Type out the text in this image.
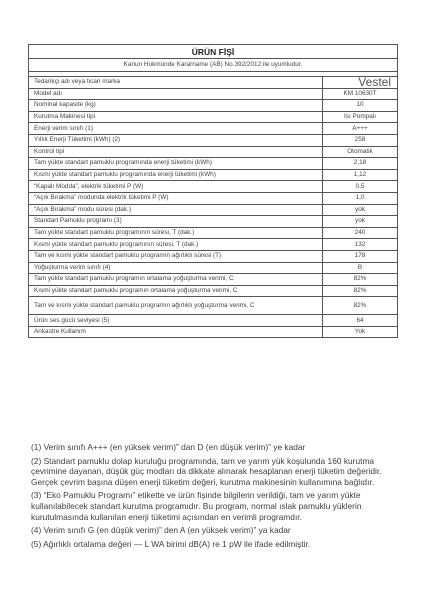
ÜRÜN FİŞİ	
Kanun Hükmünde Kararname (AB) No.392/2012 ile uyumludur.	

Tedarikçi adı veya ticari marka	Vestel
Model adı	KM 10630T
Nominal kapasite (kg)	10
Kurutma Makinesi tipi	Isı Pompalı
Enerji verim sınıfı (1)	A+++
Yıllık Enerji Tüketimi (kWh) (2)	258
Kontrol tipi	Otomatik
Tam yükte standart pamuklu programında enerji tüketimi (kWh)	2,18
Kısmi yükte standart pamuklu programında enerji tüketimi (kWh)	1,12
“Kapalı Modda”, elektrik tüketimi P (W)	0,5
“Açık Bırakma” modunda elektrik tüketimi P (W)	1,0
“Açık Bırakma” modu süresi (dak.)	yok
Standart Pamuklu programı (3)	yok
Tam yükte standart pamuklu programının süresi, T (dak.)	240
Kısmi yükte standart pamuklu programının süresi, T (dak.)	132
Tam ve kısmi yükte standart pamuklu programın ağırlıklı süresi (T)	178
Yoğuşturma verim sınıfı (4)	B
Tam yükte standart pamuklu programın ortalama yoğuşturma verimi, C	82%
Kısmi yükte standart pamuklu programın ortalama yoğuşturma verimi, C	82%
Tam ve kısmi yükte standart pamuklu programın ağırlıklı yoğuşturma verimi, C	82%
Ürün ses gücü seviyesi (5)	64
Ankastre Kullanım	Yok

(1) Verim sınıfı A+++ (en yüksek verim)” dan D (en düşük verim)” ye kadar

(2) Standart pamuklu dolap kuruluğu programında, tam ve yarım yük koşulunda 160 kurutma çevrimine dayanan, düşük güç modları da dikkate alınarak hesaplanan enerji tüketim değeridir. Gerçek çevrim başına düşen enerji tüketim değeri, kurutma makinesinin kullanımına bağlıdır.

(3) “Eko Pamuklu Programı” etikette ve ürün fişinde bilgilerin verildiği, tam ve yarım yükte kullanılabilecek standart kurutma programıdır. Bu program, normal ıslak pamuklu yüklerin kurutulmasında kullanılan enerji tüketimi açısından en verimli programdır.

(4) Verim sınıfı G (en düşük verim)” den A (en yüksek verim)” ya kadar

(5) Ağırlıklı ortalama değeri — L WA birimi dB(A) re 1 pW ile ifade edilmiştir.
